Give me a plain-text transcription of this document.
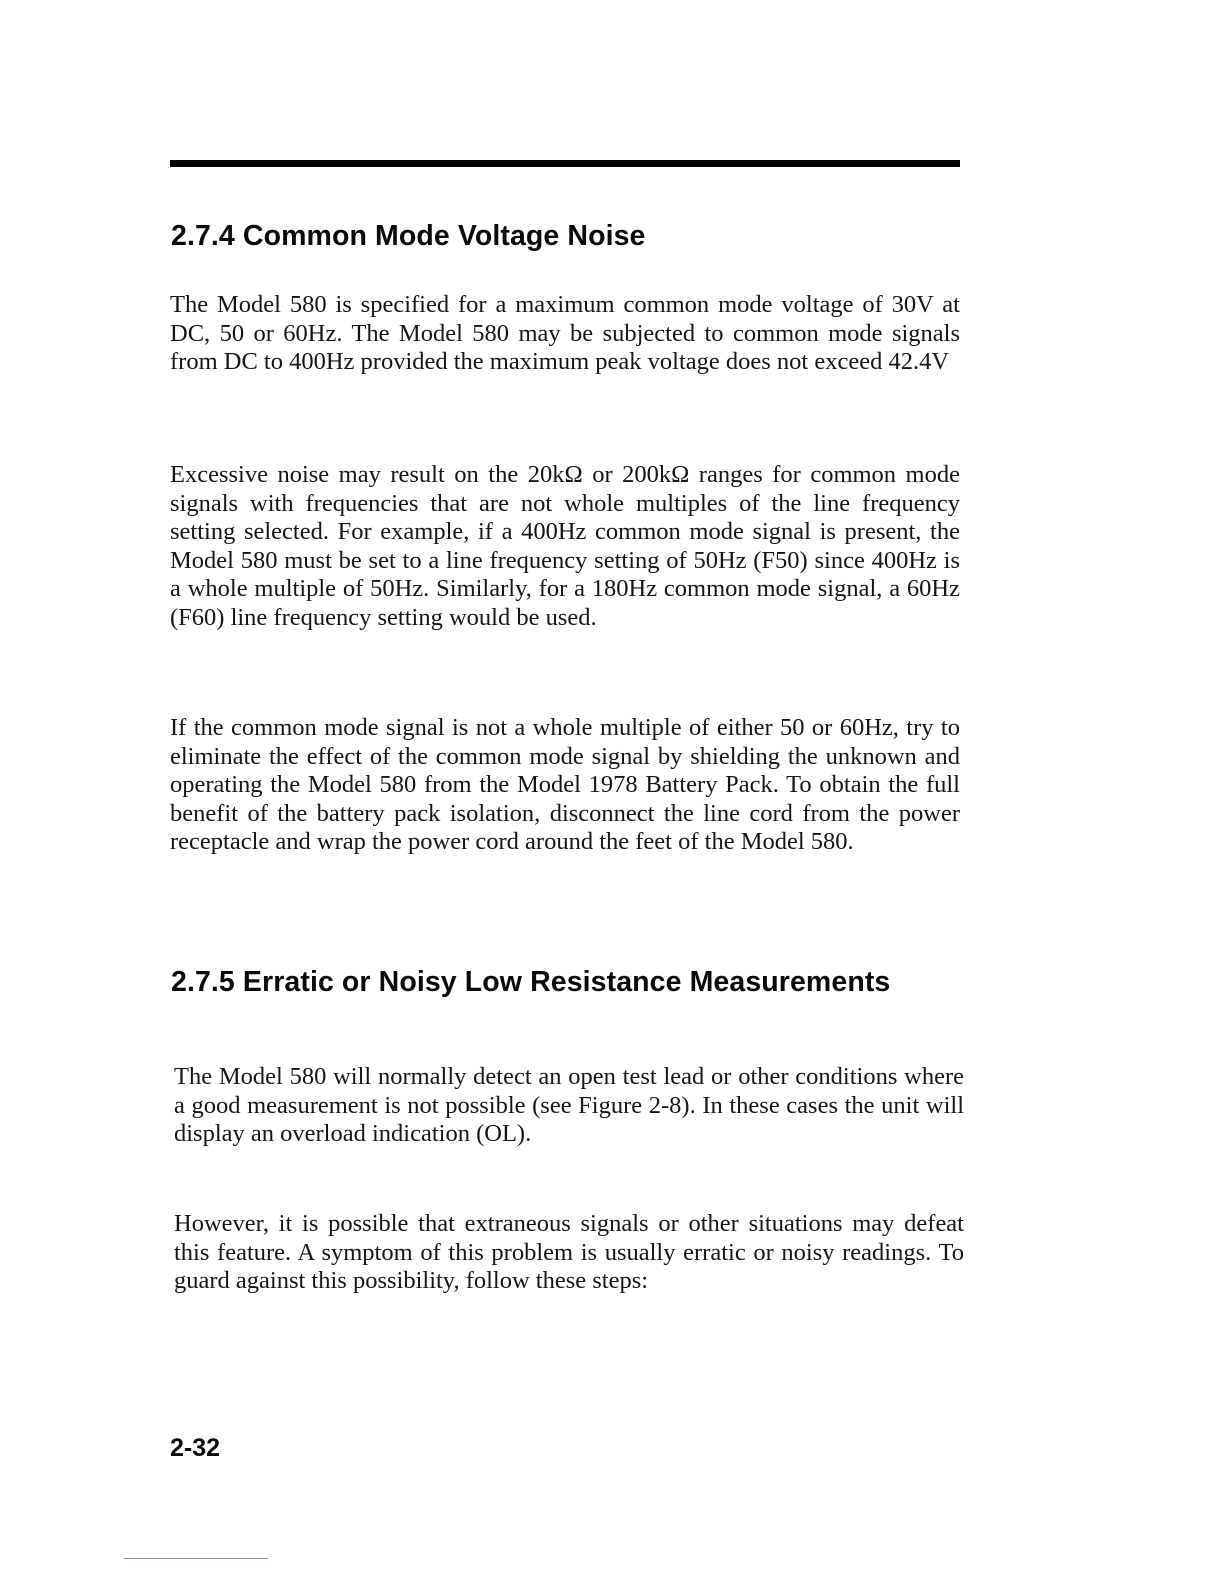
2.7.4 Common Mode Voltage Noise

The Model 580 is specified for a maximum common mode voltage of 30V at DC, 50 or 60Hz. The Model 580 may be subjected to common mode signals from DC to 400Hz provided the maximum peak voltage does not exceed 42.4V

Excessive noise may result on the 20kΩ or 200kΩ ranges for common mode signals with frequencies that are not whole multiples of the line frequency setting selected. For example, if a 400Hz common mode signal is present, the Model 580 must be set to a line frequency setting of 50Hz (F50) since 400Hz is a whole multiple of 50Hz. Similarly, for a 180Hz common mode signal, a 60Hz (F60) line frequency setting would be used.

If the common mode signal is not a whole multiple of either 50 or 60Hz, try to eliminate the effect of the common mode signal by shielding the unknown and operating the Model 580 from the Model 1978 Battery Pack. To obtain the full benefit of the battery pack isolation, disconnect the line cord from the power receptacle and wrap the power cord around the feet of the Model 580.

2.7.5 Erratic or Noisy Low Resistance Measurements

The Model 580 will normally detect an open test lead or other conditions where a good measurement is not possible (see Figure 2-8). In these cases the unit will display an overload indication (OL).

However, it is possible that extraneous signals or other situations may defeat this feature. A symptom of this problem is usually erratic or noisy readings. To guard against this possibility, follow these steps:

2-32
